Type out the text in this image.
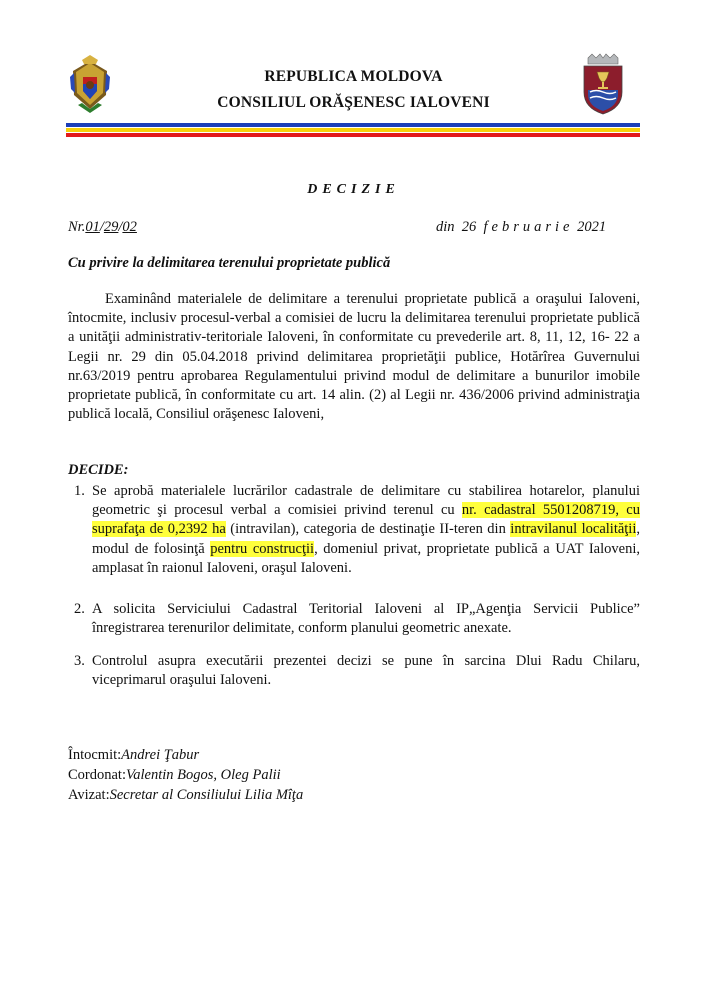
REPUBLICA MOLDOVA
CONSILIUL ORĂŞENESC IALOVENI
DECIZIE
Nr.01/29/02	din 26 februarie 2021
Cu privire la delimitarea terenului proprietate publică
Examinând materialele de delimitare a terenului proprietate publică a oraşului Ialoveni, întocmite, inclusiv procesul-verbal a comisiei de lucru la delimitarea terenului proprietate publică a unităţii administrativ-teritoriale Ialoveni, în conformitate cu prevederile art. 8, 11, 12, 16- 22 a Legii nr. 29 din 05.04.2018 privind delimitarea proprietăţii publice, Hotărîrea Guvernului nr.63/2019 pentru aprobarea Regulamentului privind modul de delimitare a bunurilor imobile proprietate publică, în conformitate cu art. 14 alin. (2) al Legii nr. 436/2006 privind administraţia publică locală, Consiliul orăşenesc Ialoveni,
DECIDE:
1. Se aprobă materialele lucrărilor cadastrale de delimitare cu stabilirea hotarelor, planului geometric şi procesul verbal a comisiei privind terenul cu nr. cadastral 5501208719, cu suprafaţa de 0,2392 ha (intravilan), categoria de destinaţie II-teren din intravilanul localităţii, modul de folosinţă pentru construcţii, domeniul privat, proprietate publică a UAT Ialoveni, amplasat în raionul Ialoveni, oraşul Ialoveni.
2. A solicita Serviciului Cadastral Teritorial Ialoveni al IP„Agenţia Servicii Publice” înregistrarea terenurilor delimitate, conform planului geometric anexate.
3. Controlul asupra executării prezentei decizi se pune în sarcina Dlui Radu Chilaru, viceprimarul oraşului Ialoveni.
Întocmit:Andrei Ţabur
Cordonat:Valentin Bogos, Oleg Palii
Avizat:Secretar al Consiliului Lilia Mîţa
